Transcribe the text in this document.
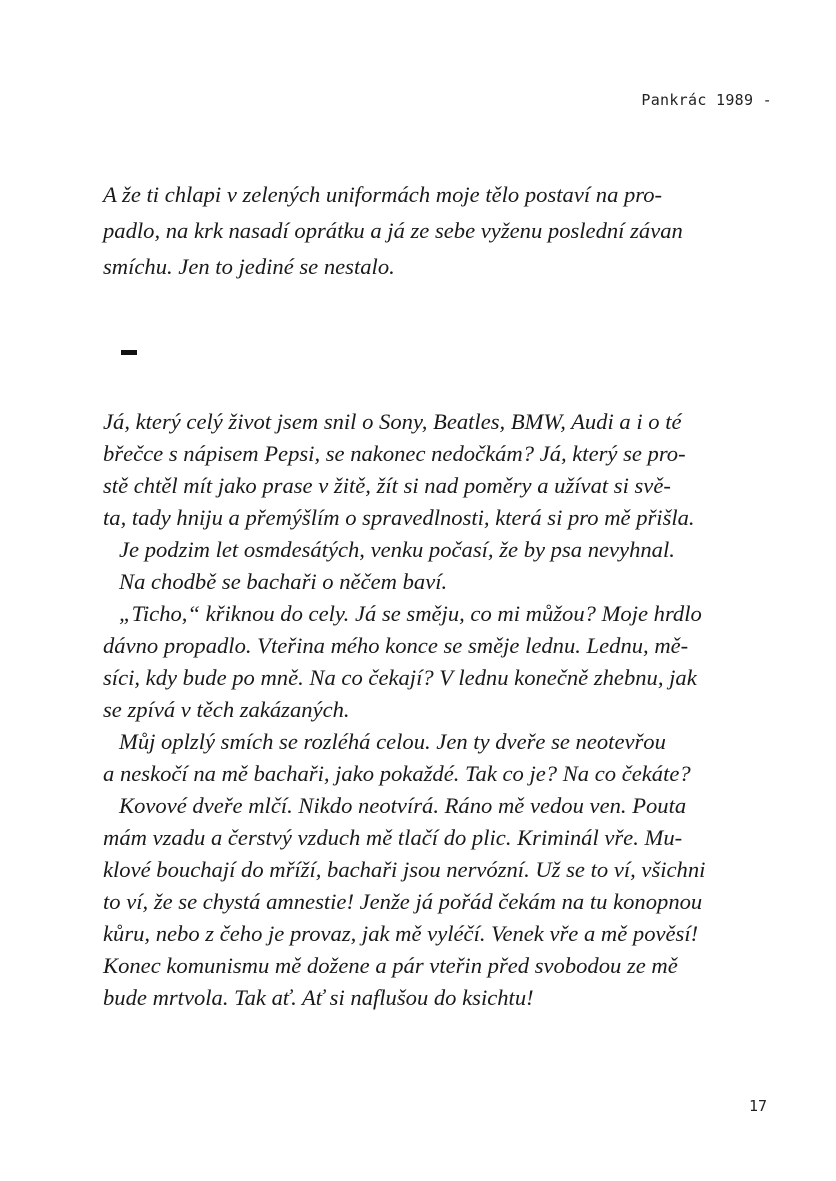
Pankrác 1989 -
A že ti chlapi v zelených uniformách moje tělo postaví na pro-
padlo, na krk nasadí oprátku a já ze sebe vyženu poslední závan
smíchu. Jen to jediné se nestalo.
Já, který celý život jsem snil o Sony, Beatles, BMW, Audi a i o té
břečce s nápisem Pepsi, se nakonec nedočkám? Já, který se pro-
stě chtěl mít jako prase v žitě, žít si nad poměry a užívat si svě-
ta, tady hniju a přemýšlím o spravedlnosti, která si pro mě přišla.
Je podzim let osmdesátých, venku počasí, že by psa nevyhnal.
Na chodbě se bachaři o něčem baví.
„Ticho,“ křiknou do cely. Já se směju, co mi můžou? Moje hrdlo
dávno propadlo. Vteřina mého konce se směje lednu. Lednu, mě-
síci, kdy bude po mně. Na co čekají? V lednu konečně zhebnu, jak
se zpívá v těch zakázaných.
Můj oplzlý smích se rozléhá celou. Jen ty dveře se neotevřou
a neskočí na mě bachaři, jako pokaždé. Tak co je? Na co čekáte?
Kovové dveře mlčí. Nikdo neotvírá. Ráno mě vedou ven. Pouta
mám vzadu a čerstvý vzduch mě tlačí do plic. Kriminál vře. Mu-
klové bouchají do mříží, bachaři jsou nervózní. Už se to ví, všichni
to ví, že se chystá amnestie! Jenže já pořád čekám na tu konopnou
kůru, nebo z čeho je provaz, jak mě vyléčí. Venek vře a mě pověsí!
Konec komunismu mě dožene a pár vteřin před svobodou ze mě
bude mrtvola. Tak ať. Ať si naflušou do ksichtu!
17
